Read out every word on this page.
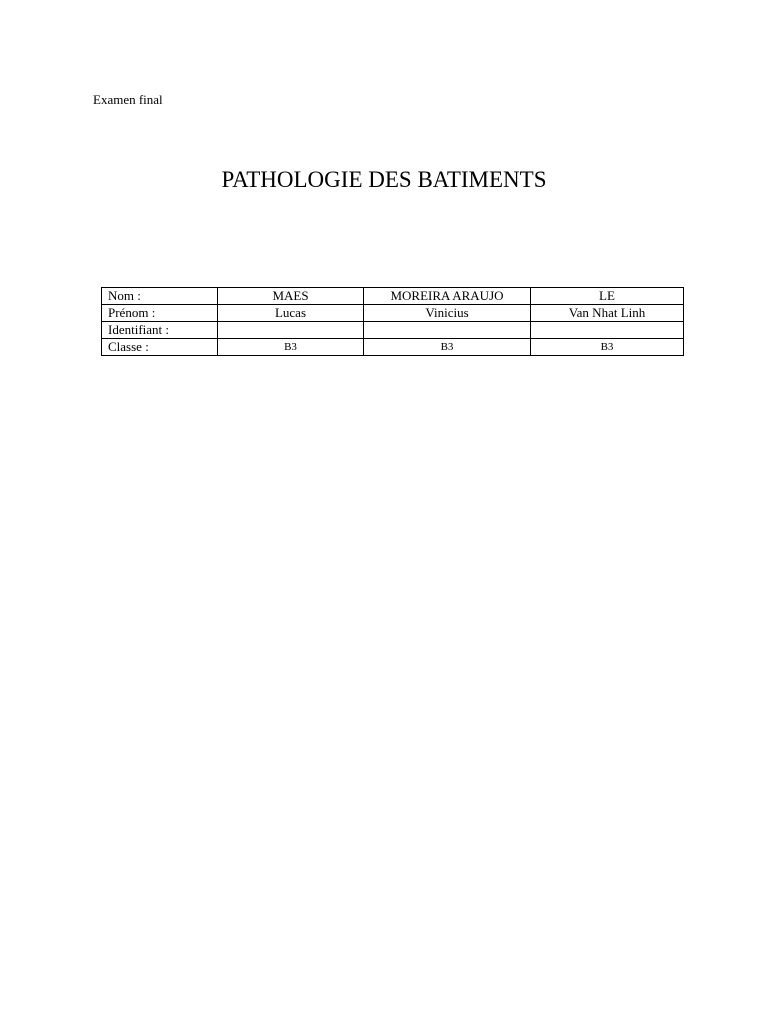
Examen final
PATHOLOGIE DES BATIMENTS
Nom :	MAES	MOREIRA ARAUJO	LE
Prénom :	Lucas	Vinicius	Van Nhat Linh
Identifiant :			
Classe :	B3	B3	B3
